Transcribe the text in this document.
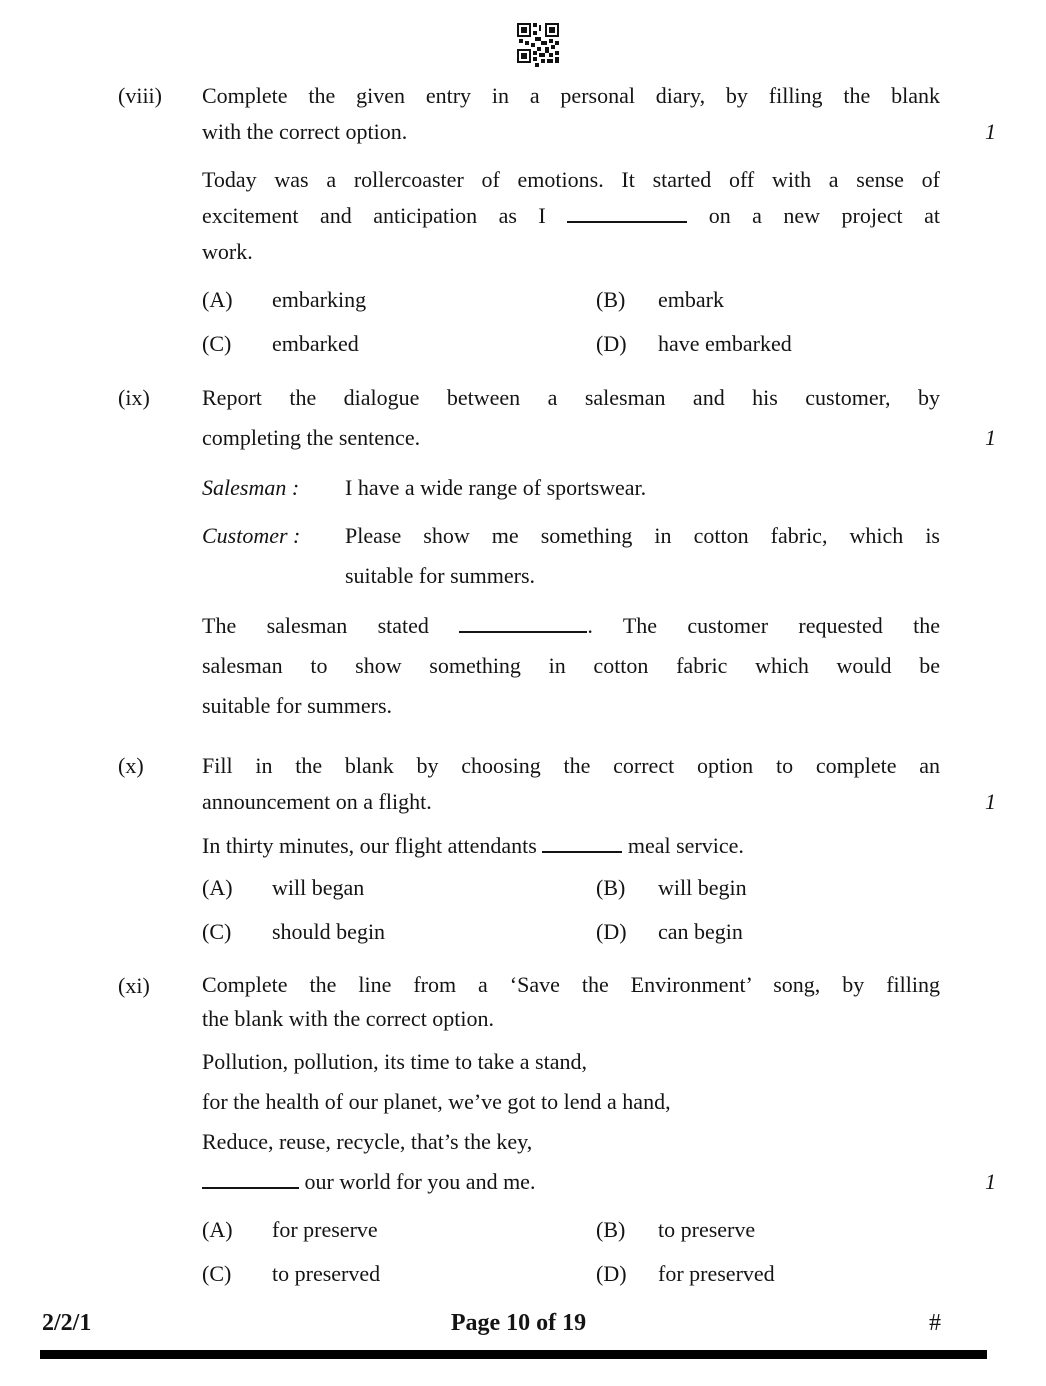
(viii)	Complete the given entry in a personal diary, by filling the blank
with the correct option.	1
Today was a rollercoaster of emotions. It started off with a sense of
excitement and anticipation as I	on a new project at
work.
(A)	embarking	(B)	embark
(C)	embarked	(D)	have embarked
(ix)	Report the dialogue between a salesman and his customer, by
completing the sentence.	1
Salesman :	I have a wide range of sportswear.
Customer :	Please show me something in cotton fabric, which is
suitable for summers.
The salesman stated	. The customer requested the
salesman to show something in cotton fabric which would be
suitable for summers.
(x)	Fill in the blank by choosing the correct option to complete an
announcement on a flight.	1
In thirty minutes, our flight attendants	meal service.
(A)	will began	(B)	will begin
(C)	should begin	(D)	can begin
(xi)	Complete the line from a ‘Save the Environment’ song, by filling
the blank with the correct option.
Pollution, pollution, its time to take a stand,
for the health of our planet, we’ve got to lend a hand,
Reduce, reuse, recycle, that’s the key,
our world for you and me.	1
(A)	for preserve	(B)	to preserve
(C)	to preserved	(D)	for preserved
2/2/1	Page 10 of 19	#
